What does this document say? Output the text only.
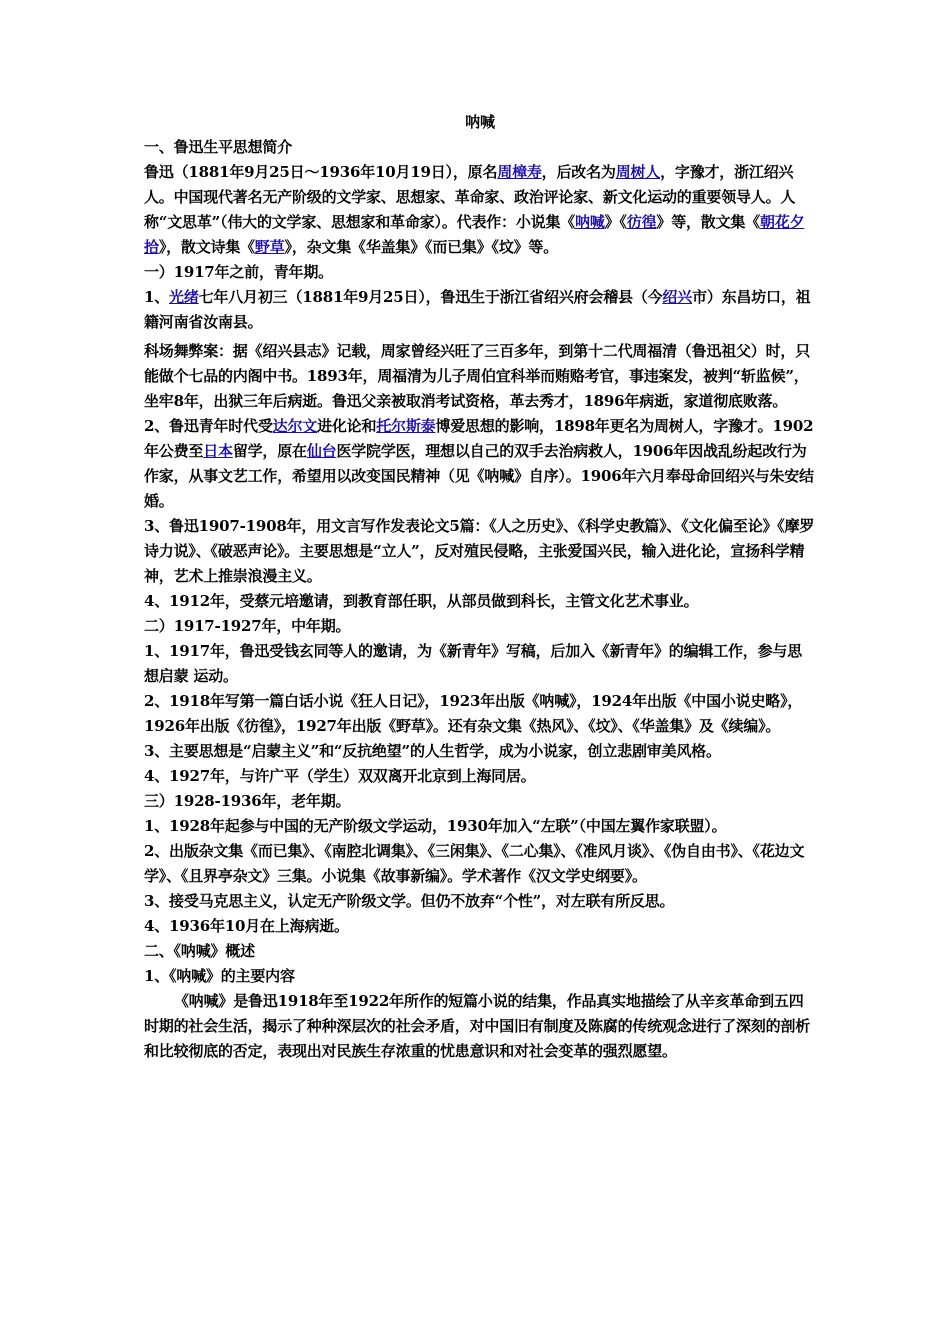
呐喊
一、鲁迅生平思想简介

鲁迅（1881年9月25日～1936年10月19日），原名周樟寿，后改名为周树人，字豫才，浙江绍兴人。中国现代著名无产阶级的文学家、思想家、革命家、政治评论家、新文化运动的重要领导人。人称“文思革”（伟大的文学家、思想家和革命家）。代表作：小说集《呐喊》《彷徨》等，散文集《朝花夕拾》，散文诗集《野草》，杂文集《华盖集》《而已集》《坟》等。

一）1917年之前，青年期。

1、光绪七年八月初三（1881年9月25日），鲁迅生于浙江省绍兴府会稽县（今绍兴市）东昌坊口，祖籍河南省汝南县。

科场舞弊案：据《绍兴县志》记载，周家曾经兴旺了三百多年，到第十二代周福清（鲁迅祖父）时，只能做个七品的内阁中书。1893年，周福清为儿子周伯宜科举而贿赂考官，事违案发，被判“斩监候”，坐牢8年，出狱三年后病逝。鲁迅父亲被取消考试资格，革去秀才，1896年病逝，家道彻底败落。

2、鲁迅青年时代受达尔文进化论和托尔斯泰博爱思想的影响，1898年更名为周树人，字豫才。1902年公费至日本留学，原在仙台医学院学医，理想以自己的双手去治病救人，1906年因战乱纷起改行为作家，从事文艺工作，希望用以改变国民精神（见《呐喊》自序）。1906年六月奉母命回绍兴与朱安结婚。

3、鲁迅1907-1908年，用文言写作发表论文5篇：《人之历史》、《科学史教篇》、《文化偏至论》《摩罗诗力说》、《破恶声论》。主要思想是“立人”，反对殖民侵略，主张爱国兴民，输入进化论，宣扬科学精神，艺术上推崇浪漫主义。

4、1912年，受蔡元培邀请，到教育部任职，从部员做到科长，主管文化艺术事业。

二）1917-1927年，中年期。

1、1917年，鲁迅受钱玄同等人的邀请，为《新青年》写稿，后加入《新青年》的编辑工作，参与思想启蒙 运动。

2、1918年写第一篇白话小说《狂人日记》，1923年出版《呐喊》，1924年出版《中国小说史略》，1926年出版《彷徨》，1927年出版《野草》。还有杂文集《热风》、《坟》、《华盖集》及《续编》。

3、主要思想是“启蒙主义”和“反抗绝望”的人生哲学，成为小说家，创立悲剧审美风格。

4、1927年，与许广平（学生）双双离开北京到上海同居。

三）1928-1936年，老年期。

1、1928年起参与中国的无产阶级文学运动，1930年加入“左联”（中国左翼作家联盟）。

2、出版杂文集《而已集》、《南腔北调集》、《三闲集》、《二心集》、《准风月谈》、《伪自由书》、《花边文学》、《且界亭杂文》三集。小说集《故事新编》。学术著作《汉文学史纲要》。

3、接受马克思主义，认定无产阶级文学。但仍不放弃“个性”，对左联有所反思。

4、1936年10月在上海病逝。

二、《呐喊》概述
1、《呐喊》的主要内容

《呐喊》是鲁迅1918年至1922年所作的短篇小说的结集，作品真实地描绘了从辛亥革命到五四时期的社会生活，揭示了种种深层次的社会矛盾，对中国旧有制度及陈腐的传统观念进行了深刻的剖析和比较彻底的否定，表现出对民族生存浓重的忧患意识和对社会变革的强烈愿望。
